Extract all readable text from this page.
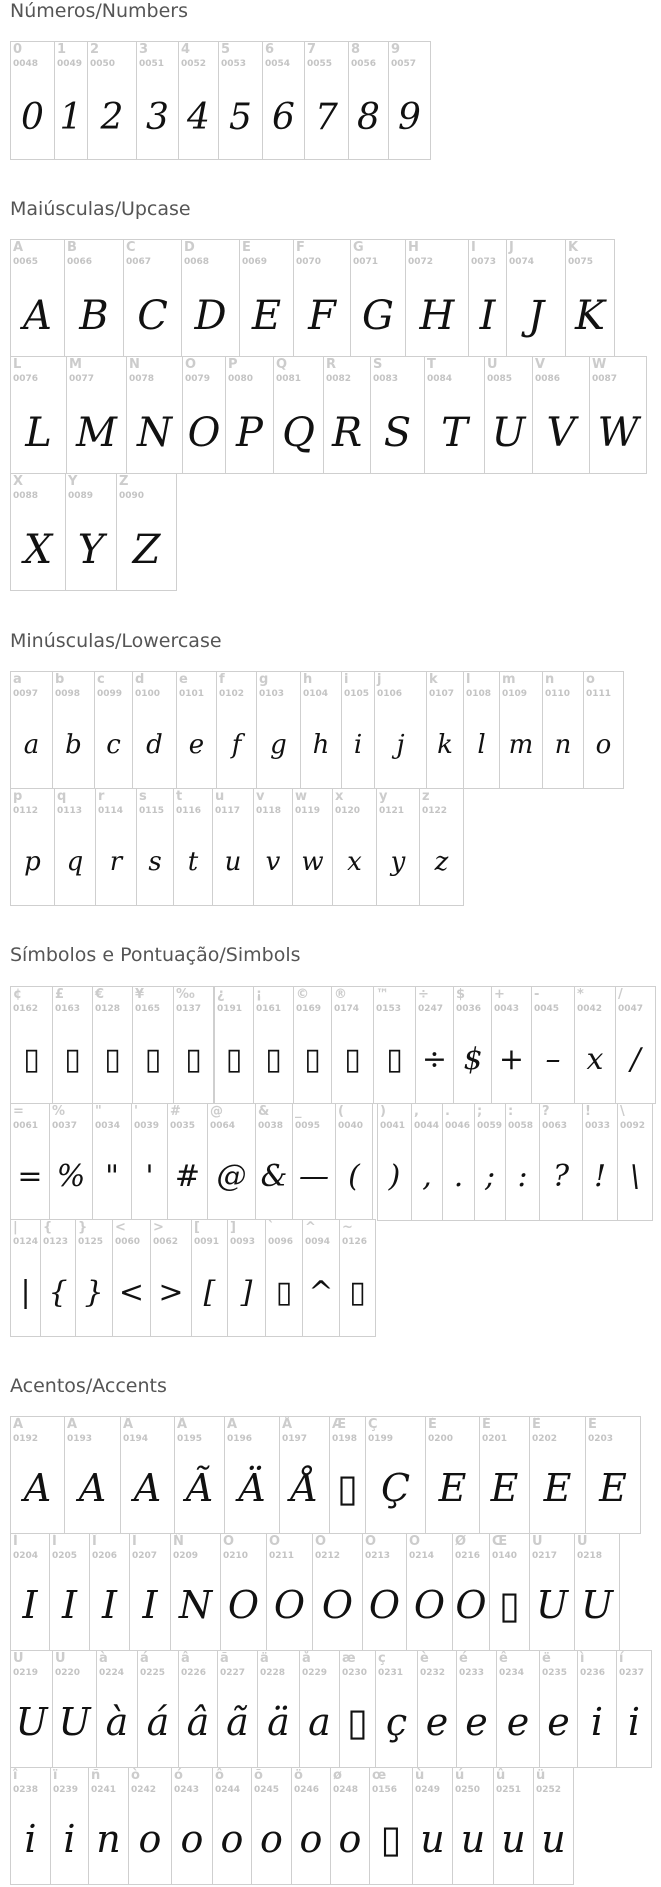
Números/Numbers
0
0048
0
1
0049
1
2
0050
2
3
0051
3
4
0052
4
5
0053
5
6
0054
6
7
0055
7
8
0056
8
9
0057
9
Maiúsculas/Upcase
A
0065
A
B
0066
B
C
0067
C
D
0068
D
E
0069
E
F
0070
F
G
0071
G
H
0072
H
I
0073
I
J
0074
J
K
0075
K
L
0076
L
M
0077
M
N
0078
N
O
0079
O
P
0080
P
Q
0081
Q
R
0082
R
S
0083
S
T
0084
T
U
0085
U
V
0086
V
W
0087
W
X
0088
X
Y
0089
Y
Z
0090
Z
Minúsculas/Lowercase
a
0097
a
b
0098
b
c
0099
c
d
0100
d
e
0101
e
f
0102
f
g
0103
g
h
0104
h
i
0105
i
j
0106
j
k
0107
k
l
0108
l
m
0109
m
n
0110
n
o
0111
o
p
0112
p
q
0113
q
r
0114
r
s
0115
s
t
0116
t
u
0117
u
v
0118
v
w
0119
w
x
0120
x
y
0121
y
z
0122
z
Símbolos e Pontuação/Simbols
¢
0162
▯
£
0163
▯
€
0128
▯
¥
0165
▯
‰
0137
▯
¿
0191
▯
¡
0161
▯
©
0169
▯
®
0174
▯
™
0153
▯
÷
0247
÷
$
0036
$
+
0043
+
-
0045
–
*
0042
x
/
0047
/
=
0061
=
%
0037
%
"
0034
"
'
0039
'
#
0035
#
@
0064
@
&
0038
&
_
0095
—
(
0040
(
)
0041
)
,
0044
,
.
0046
.
;
0059
;
:
0058
:
?
0063
?
!
0033
!
\
0092
\
|
0124
|
{
0123
{
}
0125
}
<
0060
<
>
0062
>
[
0091
[
]
0093
]
`
0096
▯
^
0094
^
~
0126
▯
Acentos/Accents
À
0192
A
Á
0193
A
Â
0194
A
Ã
0195
Ã
Ä
0196
Ä
Å
0197
Å
Æ
0198
▯
Ç
0199
Ç
È
0200
E
É
0201
E
Ê
0202
E
Ë
0203
E
Ì
0204
I
Í
0205
I
Î
0206
I
Ï
0207
I
Ñ
0209
N
Ò
0210
O
Ó
0211
O
Ô
0212
O
Õ
0213
O
Ö
0214
O
Ø
0216
O
Œ
0140
▯
Ù
0217
U
Ú
0218
U
Û
0219
U
Ü
0220
U
à
0224
à
á
0225
á
â
0226
â
ã
0227
ã
ä
0228
ä
å
0229
a
æ
0230
▯
ç
0231
ç
è
0232
e
é
0233
e
ê
0234
e
ë
0235
e
ì
0236
i
í
0237
i
î
0238
i
ï
0239
i
ñ
0241
n
ò
0242
o
ó
0243
o
ô
0244
o
õ
0245
o
ö
0246
o
ø
0248
o
œ
0156
▯
ù
0249
u
ú
0250
u
û
0251
u
ü
0252
u
